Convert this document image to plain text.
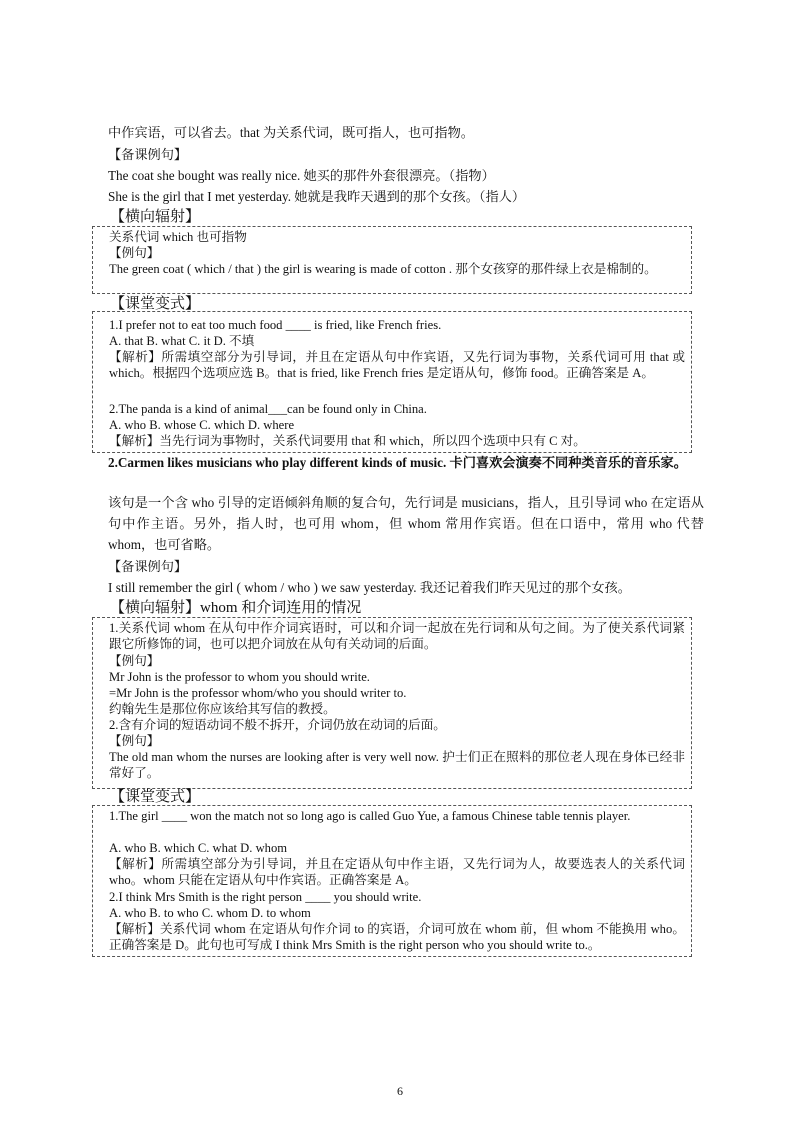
中作宾语，可以省去。that 为关系代词，既可指人，也可指物。
【备课例句】
The coat she bought was really nice. 她买的那件外套很漂亮。（指物）
She is the girl that I met yesterday. 她就是我昨天遇到的那个女孩。（指人）
【横向辐射】
关系代词 which 也可指物
【例句】
The green coat ( which / that ) the girl is wearing is made of cotton . 那个女孩穿的那件绿上衣是棉制的。
【课堂变式】
1.I prefer not to eat too much food ____ is fried, like French fries.
A. that B. what C. it D. 不填
【解析】所需填空部分为引导词，并且在定语从句中作宾语，又先行词为事物，关系代词可用 that 或 which。根据四个选项应选 B。that is fried, like French fries 是定语从句，修饰 food。正确答案是 A。
2.The panda is a kind of animal___can be found only in China.
A. who B. whose C. which D. where
【解析】当先行词为事物时，关系代词要用 that 和 which，所以四个选项中只有 C 对。
2.Carmen likes musicians who play different kinds of music. 卡门喜欢会演奏不同种类音乐的音乐家。
该句是一个含 who 引导的定语倾斜角顺的复合句，先行词是 musicians，指人，且引导词 who 在定语从句中作主语。另外，指人时，也可用 whom，但 whom 常用作宾语。但在口语中，常用 who 代替 whom，也可省略。
【备课例句】
I still remember the girl ( whom / who ) we saw yesterday. 我还记着我们昨天见过的那个女孩。
【横向辐射】whom 和介词连用的情况
1.关系代词 whom 在从句中作介词宾语时，可以和介词一起放在先行词和从句之间。为了使关系代词紧跟它所修饰的词，也可以把介词放在从句有关动词的后面。
【例句】
Mr John is the professor to whom you should write.
=Mr John is the professor whom/who you should writer to.
约翰先生是那位你应该给其写信的教授。
2.含有介词的短语动词不般不拆开，介词仍放在动词的后面。
【例句】
The old man whom the nurses are looking after is very well now. 护士们正在照料的那位老人现在身体已经非常好了。
【课堂变式】
1.The girl ____ won the match not so long ago is called Guo Yue, a famous Chinese table tennis player.
A. who B. which C. what D. whom
【解析】所需填空部分为引导词，并且在定语从句中作主语，又先行词为人，故要选表人的关系代词 who。whom 只能在定语从句中作宾语。正确答案是 A。
2.I think Mrs Smith is the right person ____ you should write.
A. who B. to who C. whom D. to whom
【解析】关系代词 whom 在定语从句作介词 to 的宾语，介词可放在 whom 前，但 whom 不能换用 who。正确答案是 D。此句也可写成 I think Mrs Smith is the right person who you should write to.。
6
